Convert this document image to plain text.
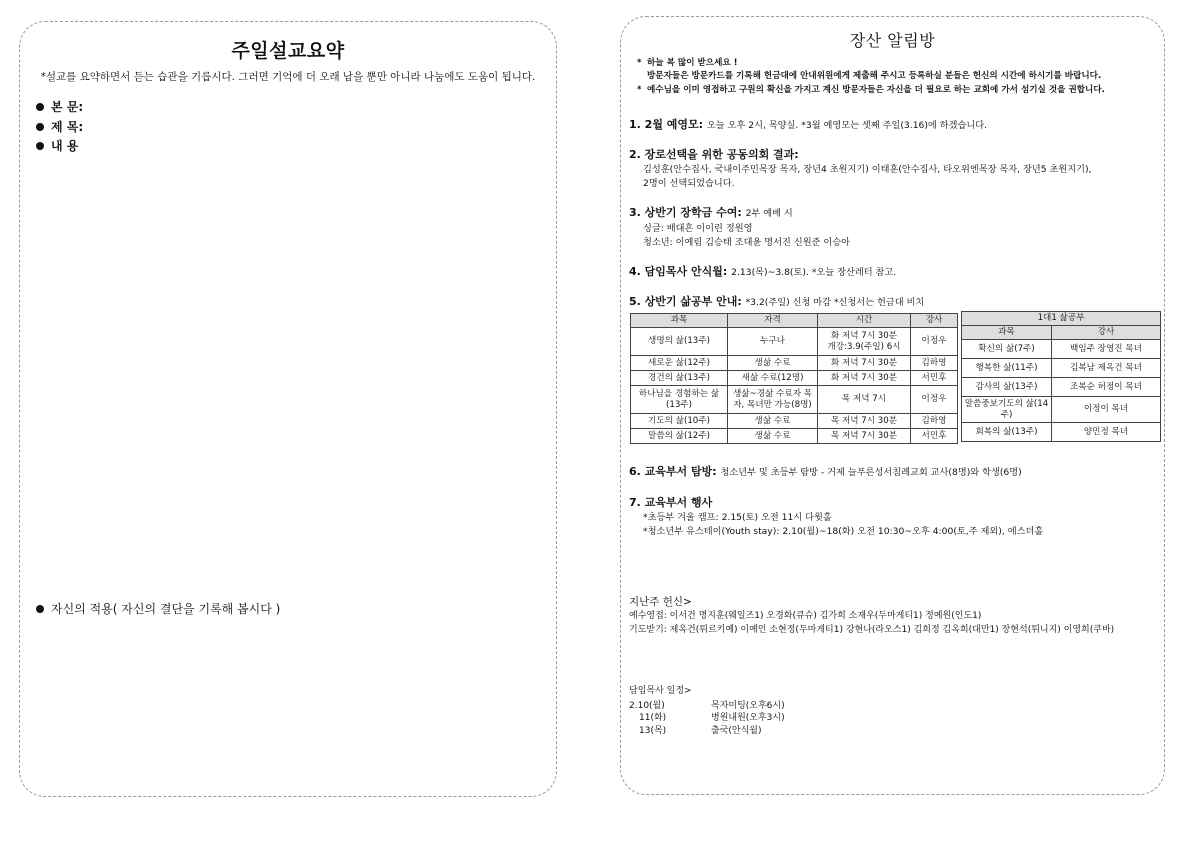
주일설교요약
*설교를 요약하면서 듣는 습관을 기릅시다. 그러면 기억에 더 오래 남을 뿐만 아니라 나눔에도 도움이 됩니다.
본 문:
제 목:
내 용
자신의 적용( 자신의 결단을 기록해 봅시다 )
장산 알림방
* 하늘 복 많이 받으세요 !
방문자들은 방문카드를 기록해 헌금대에 안내위원에게 제출해 주시고 등록하실 분들은 헌신의 시간에 하시기를 바랍니다.
* 예수님을 이미 영접하고 구원의 확신을 가지고 계신 방문자들은 자신을 더 필요로 하는 교회에 가서 섬기실 것을 권합니다.
1. 2월 예영모: 오늘 오후 2시, 목양실. *3월 예영모는 셋째 주일(3.16)에 하겠습니다.
2. 장로선택을 위한 공동의회 결과:
김성훈(안수집사, 국내이주민목장 목자, 장년4 초원지기) 이태훈(안수집사, 타오위엔목장 목자, 장년5 초원지기),
2명이 선택되었습니다.
3. 상반기 장학금 수여: 2부 예배 시
싱글: 배대흔 이이린 정원영
청소년: 이예림 김승태 조대윤 명서진 신원준 이승아
4. 담임목사 안식월: 2.13(목)~3.8(토). *오늘 장산레터 참고.
5. 상반기 삶공부 안내: *3.2(주일) 신청 마감 *신청서는 헌금대 비치
과목	자격	시간	강사
생명의 삶(13주)	누구나	화 저녁 7시 30분
개강:3.9(주일) 6시	이정우
새로운 삶(12주)	생삶 수료	화 저녁 7시 30분	김하영
경건의 삶(13주)	새삶 수료(12명)	화 저녁 7시 30분	서민후
하나님을 경험하는 삶(13주)	생삶~경삶 수료자 목자, 목녀만 가능(8명)	목 저녁 7시	이정우
기도의 삶(10주)	생삶 수료	목 저녁 7시 30분	김하영
말씀의 삶(12주)	생삶 수료	목 저녁 7시 30분	서민후
1대1 삶공부	
과목	강사
확신의 삶(7주)	백임주 장영진 목녀
행복한 삶(11주)	김복남 제옥건 목녀
감사의 삶(13주)	조복순 허정이 목녀
말씀중보기도의 삶(14주)	이정이 목녀
회복의 삶(13주)	양민정 목녀
6. 교육부서 탐방: 청소년부 및 초등부 탐방 - 거제 늘푸른성서침례교회 교사(8명)와 학생(6명)
7. 교육부서 행사
*초등부 겨울 캠프: 2.15(토) 오전 11시 다윗홀
*청소년부 유스테이(Youth stay): 2.10(월)~18(화) 오전 10:30~오후 4:00(토,주 제외), 에스더홀
지난주 헌신>
예수영접: 이서건 명지훈(웨일즈1) 오경화(큐슈) 김가희 소재우(두마게티1) 정예원(인도1)
기도받기: 제옥건(튀르키예) 이예인 소현정(두마게티1) 강현나(라오스1) 김희정 김옥희(대만1) 장현석(튀니지) 이영희(쿠바)
담임목사 일정>
2.10(월)	목자미팅(오후6시)
11(화)	병원내원(오후3시)
13(목)	출국(안식월)
